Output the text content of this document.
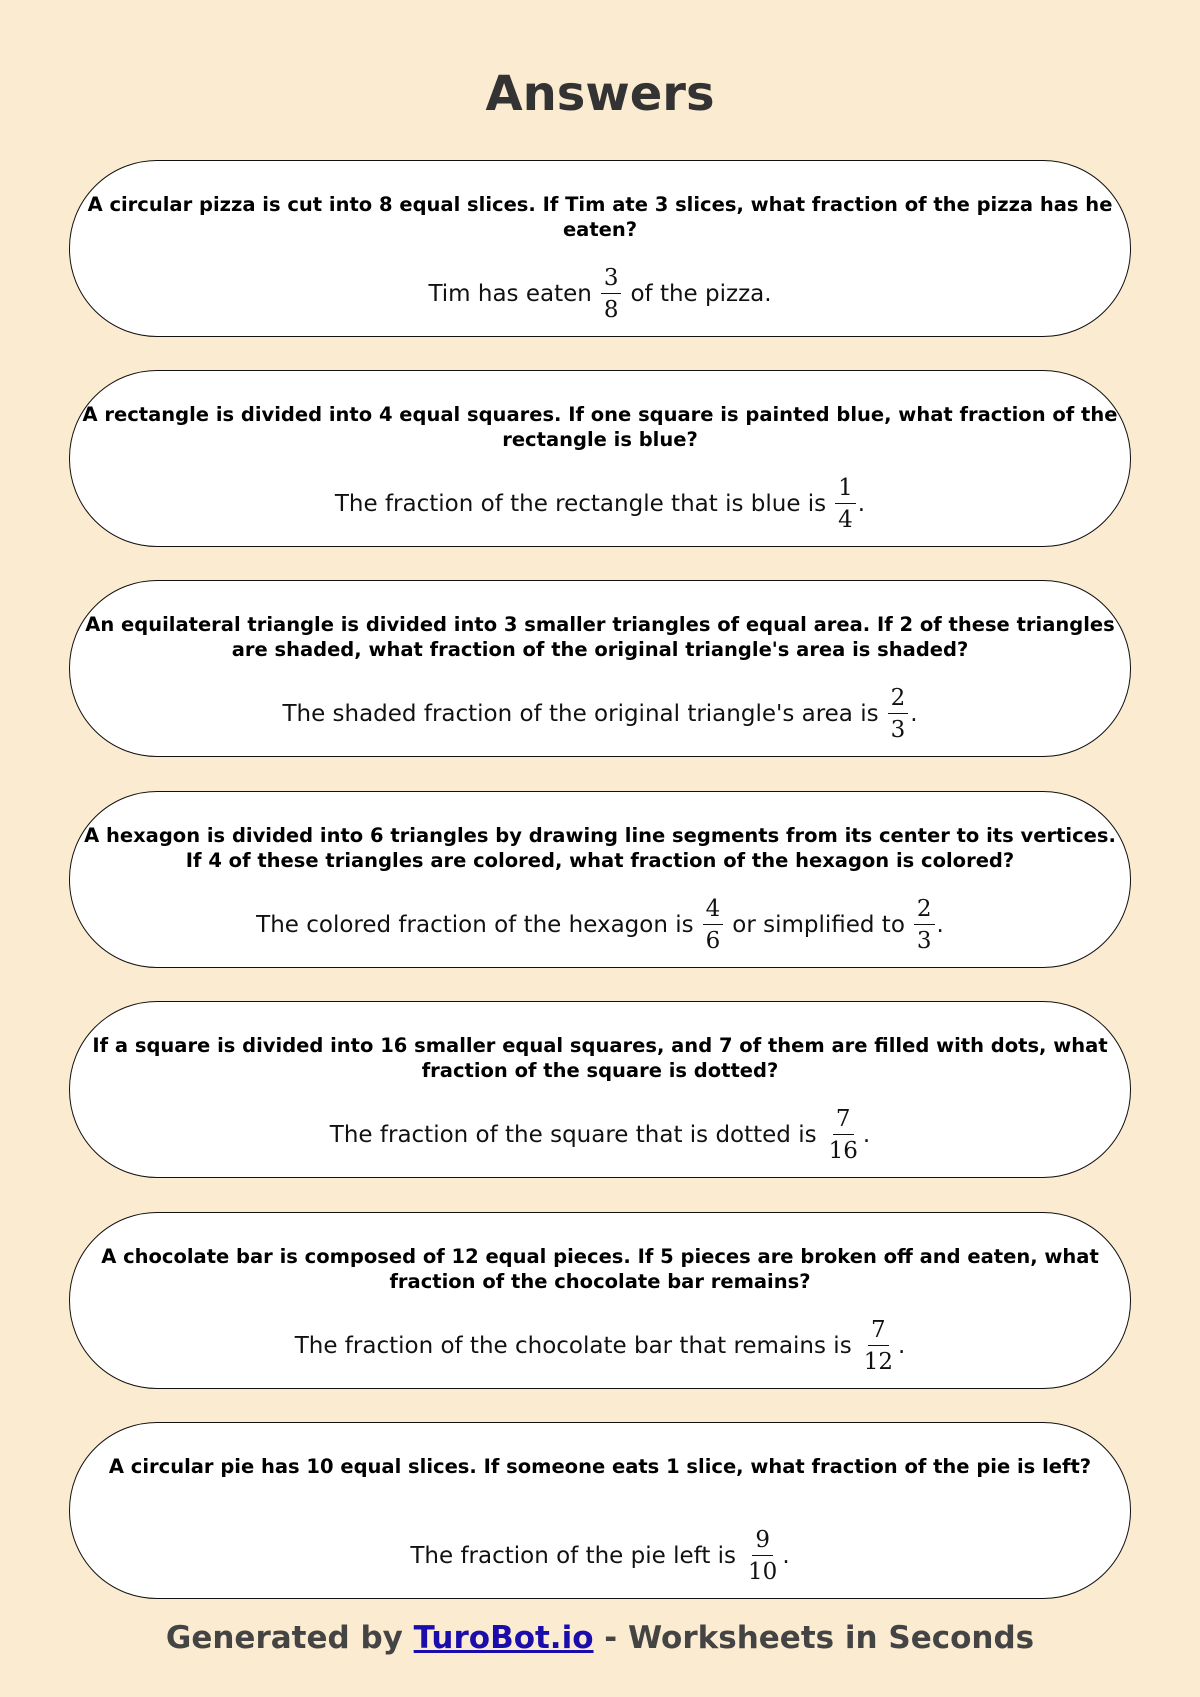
Answers
A circular pizza is cut into 8 equal slices. If Tim ate 3 slices, what fraction of the pizza has he eaten?
Tim has eaten $\frac{3}{8}$ of the pizza.
A rectangle is divided into 4 equal squares. If one square is painted blue, what fraction of the rectangle is blue?
The fraction of the rectangle that is blue is $\frac{1}{4}$ .
An equilateral triangle is divided into 3 smaller triangles of equal area. If 2 of these triangles are shaded, what fraction of the original triangle's area is shaded?
The shaded fraction of the original triangle's area is $\frac{2}{3}$ .
A hexagon is divided into 6 triangles by drawing line segments from its center to its vertices. If 4 of these triangles are colored, what fraction of the hexagon is colored?
The colored fraction of the hexagon is $\frac{4}{6}$ or simplified to $\frac{2}{3}$ .
If a square is divided into 16 smaller equal squares, and 7 of them are filled with dots, what fraction of the square is dotted?
The fraction of the square that is dotted is $\frac{7}{16}$ .
A chocolate bar is composed of 12 equal pieces. If 5 pieces are broken off and eaten, what fraction of the chocolate bar remains?
The fraction of the chocolate bar that remains is $\frac{7}{12}$ .
A circular pie has 10 equal slices. If someone eats 1 slice, what fraction of the pie is left?
The fraction of the pie left is $\frac{9}{10}$ .
Generated by TuroBot.io - Worksheets in Seconds
